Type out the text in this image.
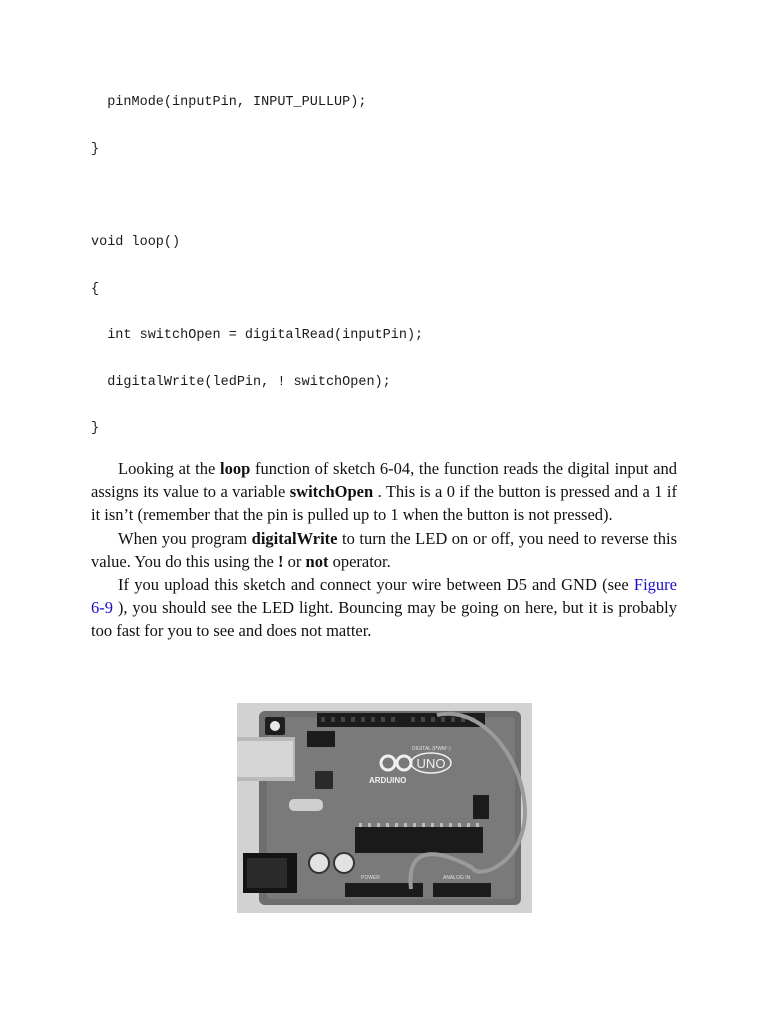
pinMode(inputPin, INPUT_PULLUP);
}
void loop()
{
int switchOpen = digitalRead(inputPin);
digitalWrite(ledPin, ! switchOpen);
}

Looking at the loop function of sketch 6-04, the function reads the digital input and assigns its value to a variable switchOpen . This is a 0 if the button is pressed and a 1 if it isn’t (remember that the pin is pulled up to 1 when the button is not pressed).

When you program digitalWrite to turn the LED on or off, you need to reverse this value. You do this using the ! or not operator.

If you upload this sketch and connect your wire between D5 and GND (see Figure 6-9 ), you should see the LED light. Bouncing may be going on here, but it is probably too fast for you to see and does not matter.

UNO
ARDUINO
DIGITAL (PWM~)
POWER	ANALOG IN
